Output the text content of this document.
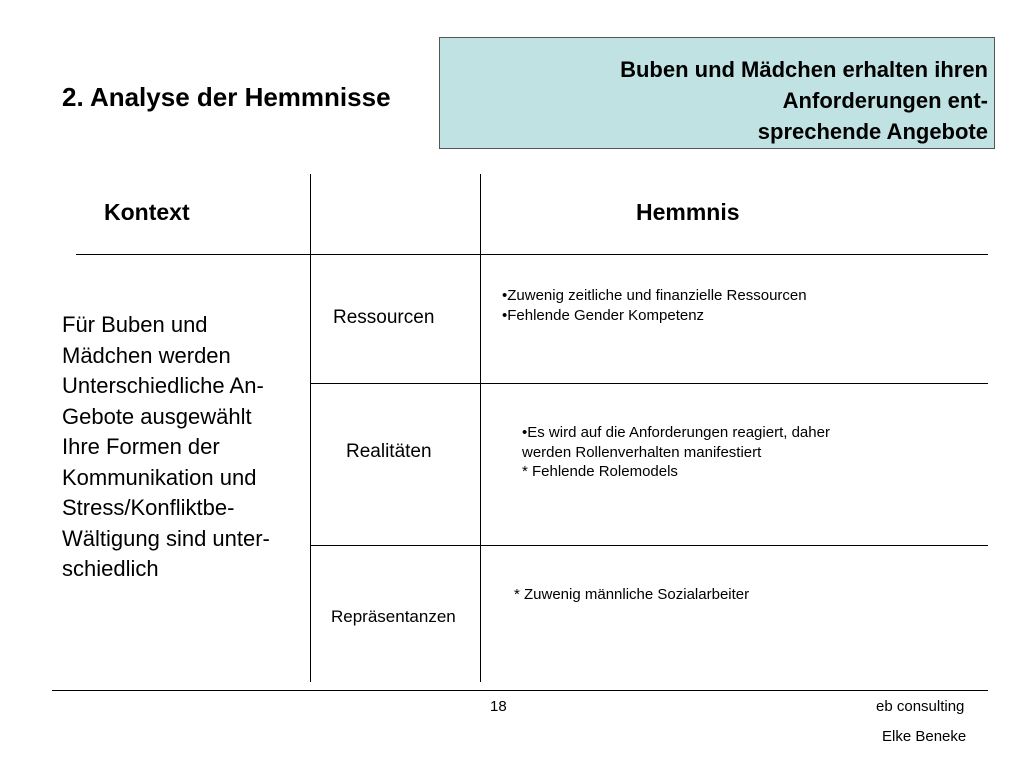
2. Analyse der Hemmnisse
Buben und Mädchen erhalten ihren
Anforderungen ent-
sprechende Angebote
Kontext	Hemmnis
Für Buben und
Mädchen werden
Unterschiedliche An-
Gebote ausgewählt
Ihre Formen der
Kommunikation und
Stress/Konfliktbe-
Wältigung sind unter-
schiedlich
Ressourcen
Realitäten
Repräsentanzen
•Zuwenig zeitliche und finanzielle Ressourcen
•Fehlende Gender Kompetenz
•Es wird auf die Anforderungen reagiert, daher
werden Rollenverhalten manifestiert
* Fehlende Rolemodels
* Zuwenig männliche Sozialarbeiter
18	eb consulting
Elke Beneke
